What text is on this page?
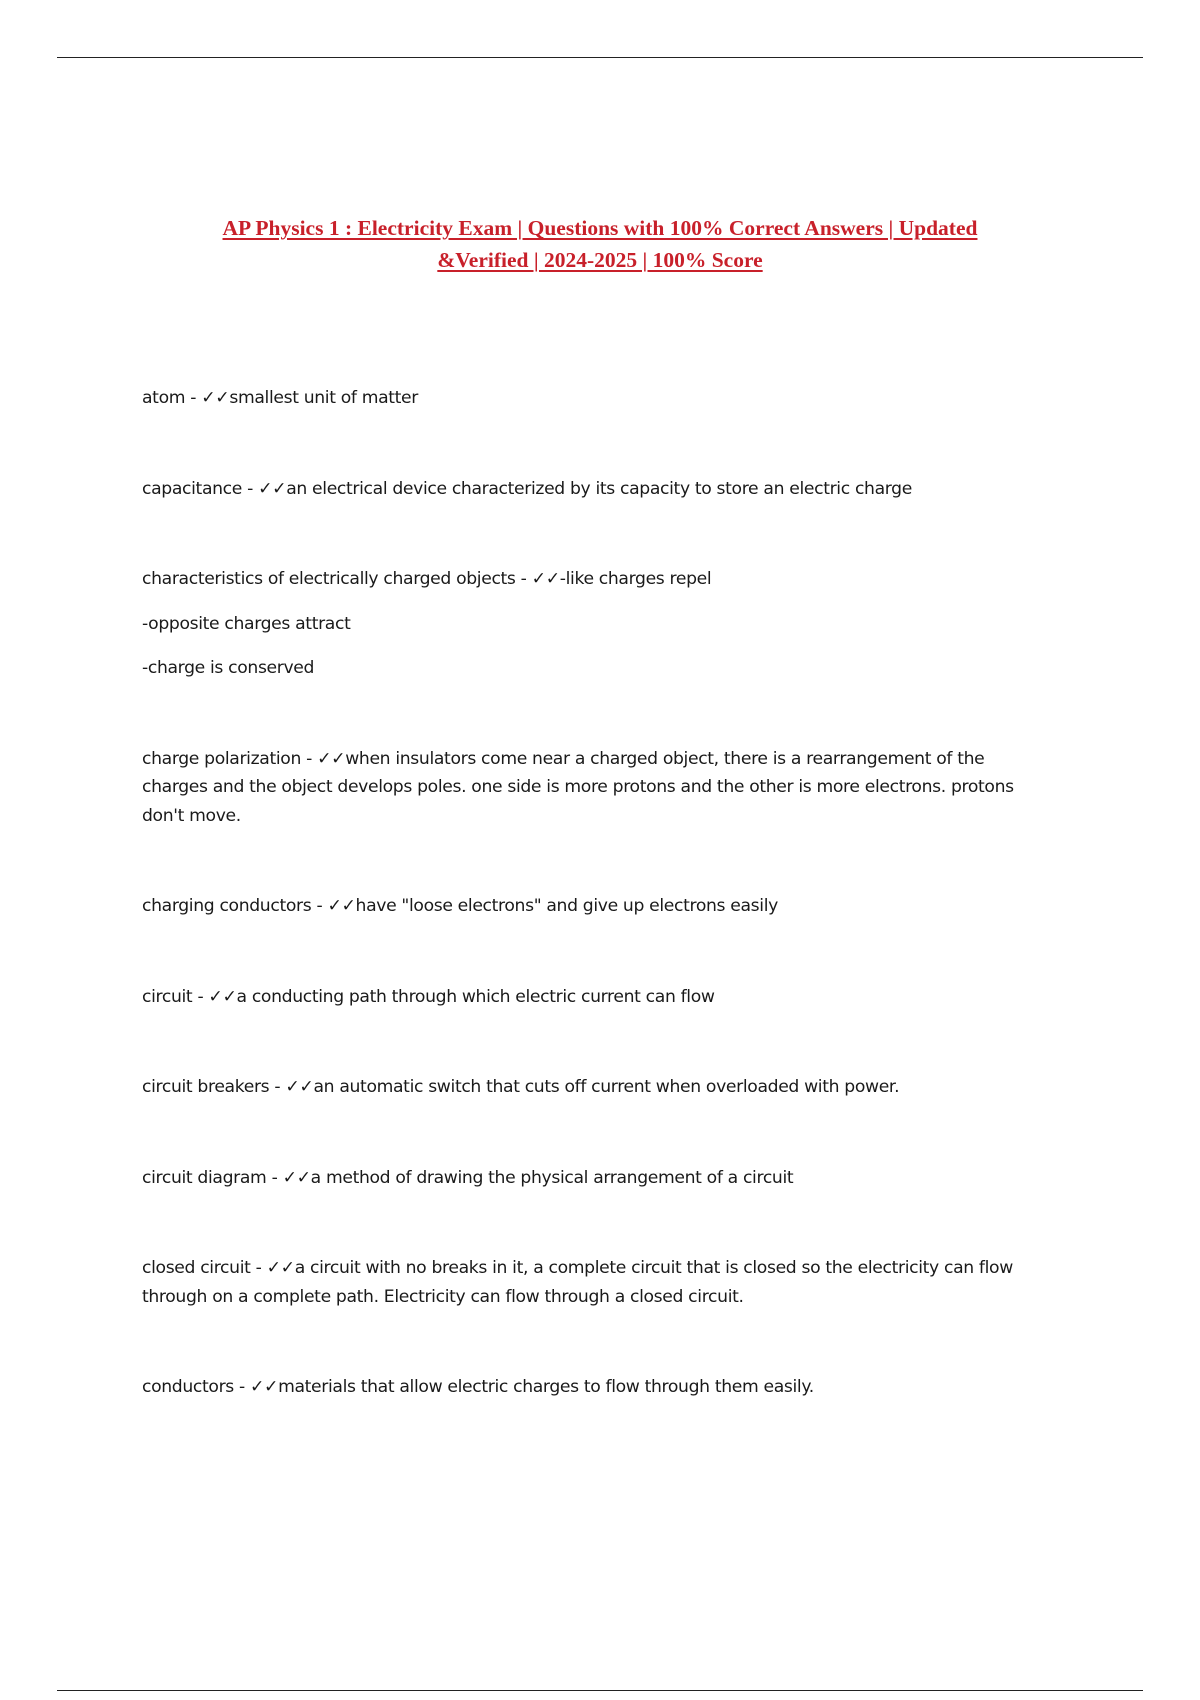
AP Physics 1 : Electricity Exam | Questions with 100% Correct Answers | Updated
&Verified | 2024-2025 | 100% Score

atom - ✓✓smallest unit of matter

capacitance - ✓✓an electrical device characterized by its capacity to store an electric charge

characteristics of electrically charged objects - ✓✓-like charges repel

-opposite charges attract

-charge is conserved

charge polarization - ✓✓when insulators come near a charged object, there is a rearrangement of the charges and the object develops poles. one side is more protons and the other is more electrons. protons don't move.

charging conductors - ✓✓have "loose electrons" and give up electrons easily

circuit - ✓✓a conducting path through which electric current can flow

circuit breakers - ✓✓an automatic switch that cuts off current when overloaded with power.

circuit diagram - ✓✓a method of drawing the physical arrangement of a circuit

closed circuit - ✓✓a circuit with no breaks in it, a complete circuit that is closed so the electricity can flow through on a complete path. Electricity can flow through a closed circuit.

conductors - ✓✓materials that allow electric charges to flow through them easily.
